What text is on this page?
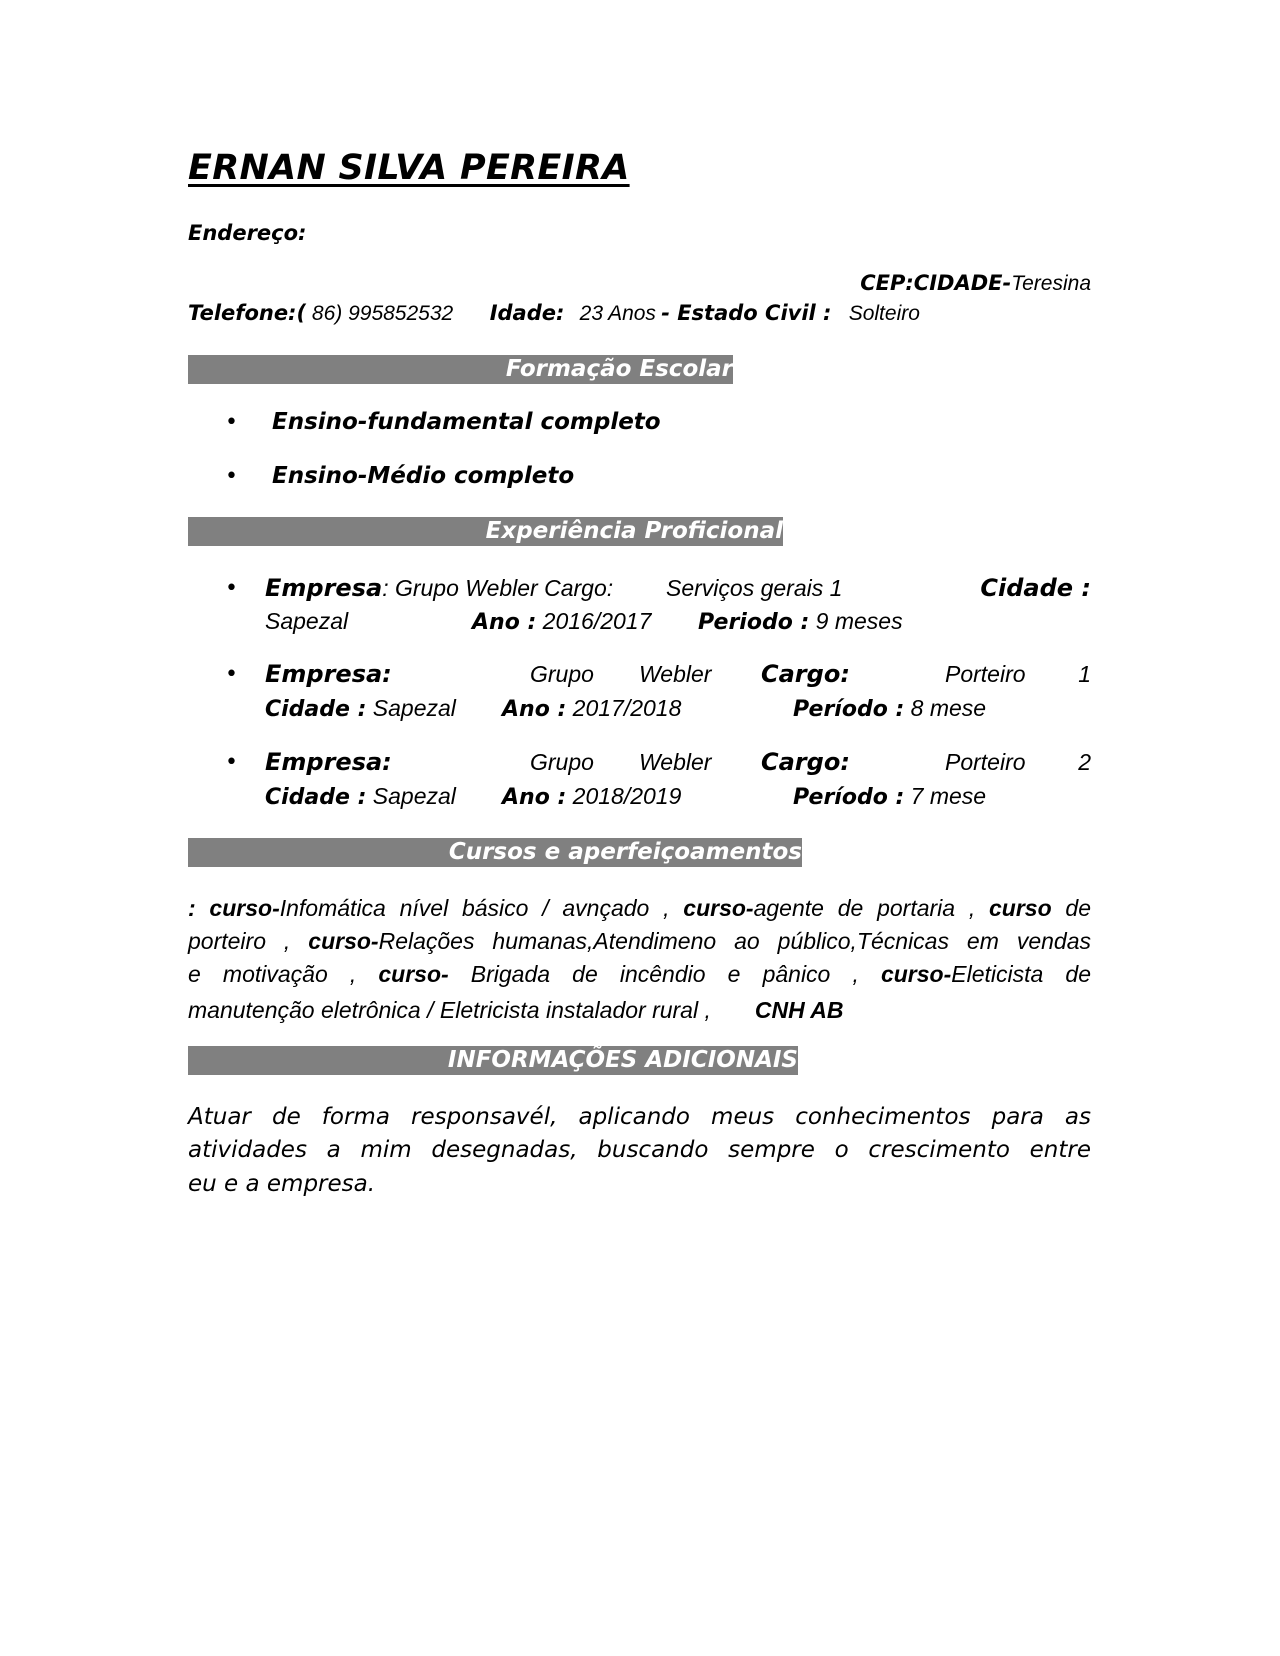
ERNAN SILVA PEREIRA
Endereço:
CEP:CIDADE-Teresina
Telefone:( 86) 995852532 Idade: 23 Anos - Estado Civil : Solteiro
Formação Escolar
• Ensino-fundamental completo
• Ensino-Médio completo
Experiência Proficional
• Empresa: Grupo Webler Cargo: Serviços gerais 1	Cidade :
Sapezal	Ano : 2016/2017 Periodo : 9 meses
• Empresa:	Grupo Webler Cargo:	Porteiro 1
Cidade : Sapezal Ano : 2017/2018	Período : 8 mese
• Empresa:	Grupo Webler Cargo:	Porteiro 2
Cidade : Sapezal Ano : 2018/2019	Período : 7 mese
Cursos e aperfeiçoamentos
: curso-Infomática nível básico / avnçado , curso-agente de portaria , curso de
porteiro , curso-Relações humanas,Atendimeno ao público,Técnicas em vendas
e motivação , curso- Brigada de incêndio e pânico , curso-Eleticista de
manutenção eletrônica / Eletricista instalador rural , CNH AB
INFORMAÇÕES ADICIONAIS
Atuar de forma responsavél, aplicando meus conhecimentos para as
atividades a mim desegnadas, buscando sempre o crescimento entre
eu e a empresa.
